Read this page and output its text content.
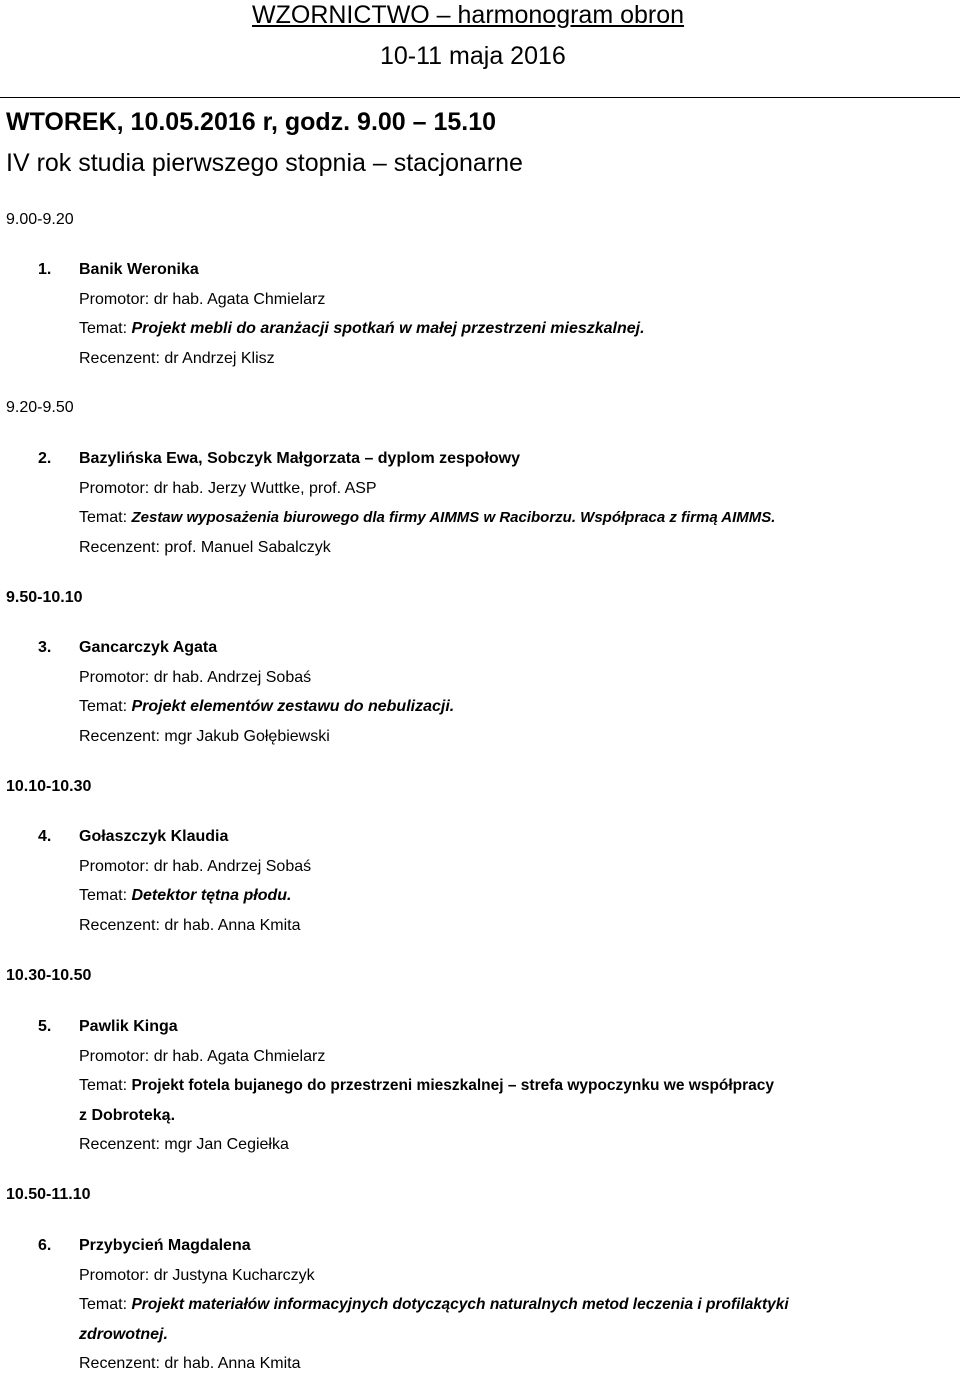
WZORNICTWO – harmonogram obron
10-11 maja 2016
WTOREK, 10.05.2016 r, godz. 9.00 – 15.10
IV rok studia pierwszego stopnia – stacjonarne
9.00-9.20
1. Banik Weronika
Promotor: dr hab. Agata Chmielarz
Temat: Projekt mebli do aranżacji spotkań w małej przestrzeni mieszkalnej.
Recenzent: dr Andrzej Klisz
9.20-9.50
2. Bazylińska Ewa, Sobczyk Małgorzata – dyplom zespołowy
Promotor: dr hab. Jerzy Wuttke, prof. ASP
Temat: Zestaw wyposażenia biurowego dla firmy AIMMS w Raciborzu. Współpraca z firmą AIMMS.
Recenzent: prof. Manuel Sabalczyk
9.50-10.10
3. Gancarczyk Agata
Promotor: dr hab. Andrzej Sobaś
Temat: Projekt elementów zestawu do nebulizacji.
Recenzent: mgr Jakub Gołębiewski
10.10-10.30
4. Gołaszczyk Klaudia
Promotor: dr hab. Andrzej Sobaś
Temat: Detektor tętna płodu.
Recenzent: dr hab. Anna Kmita
10.30-10.50
5. Pawlik Kinga
Promotor: dr hab. Agata Chmielarz
Temat: Projekt fotela bujanego do przestrzeni mieszkalnej – strefa wypoczynku we współpracy
z Dobroteką.
Recenzent: mgr Jan Cegiełka
10.50-11.10
6. Przybycień Magdalena
Promotor: dr Justyna Kucharczyk
Temat: Projekt materiałów informacyjnych dotyczących naturalnych metod leczenia i profilaktyki
zdrowotnej.
Recenzent: dr hab. Anna Kmita
